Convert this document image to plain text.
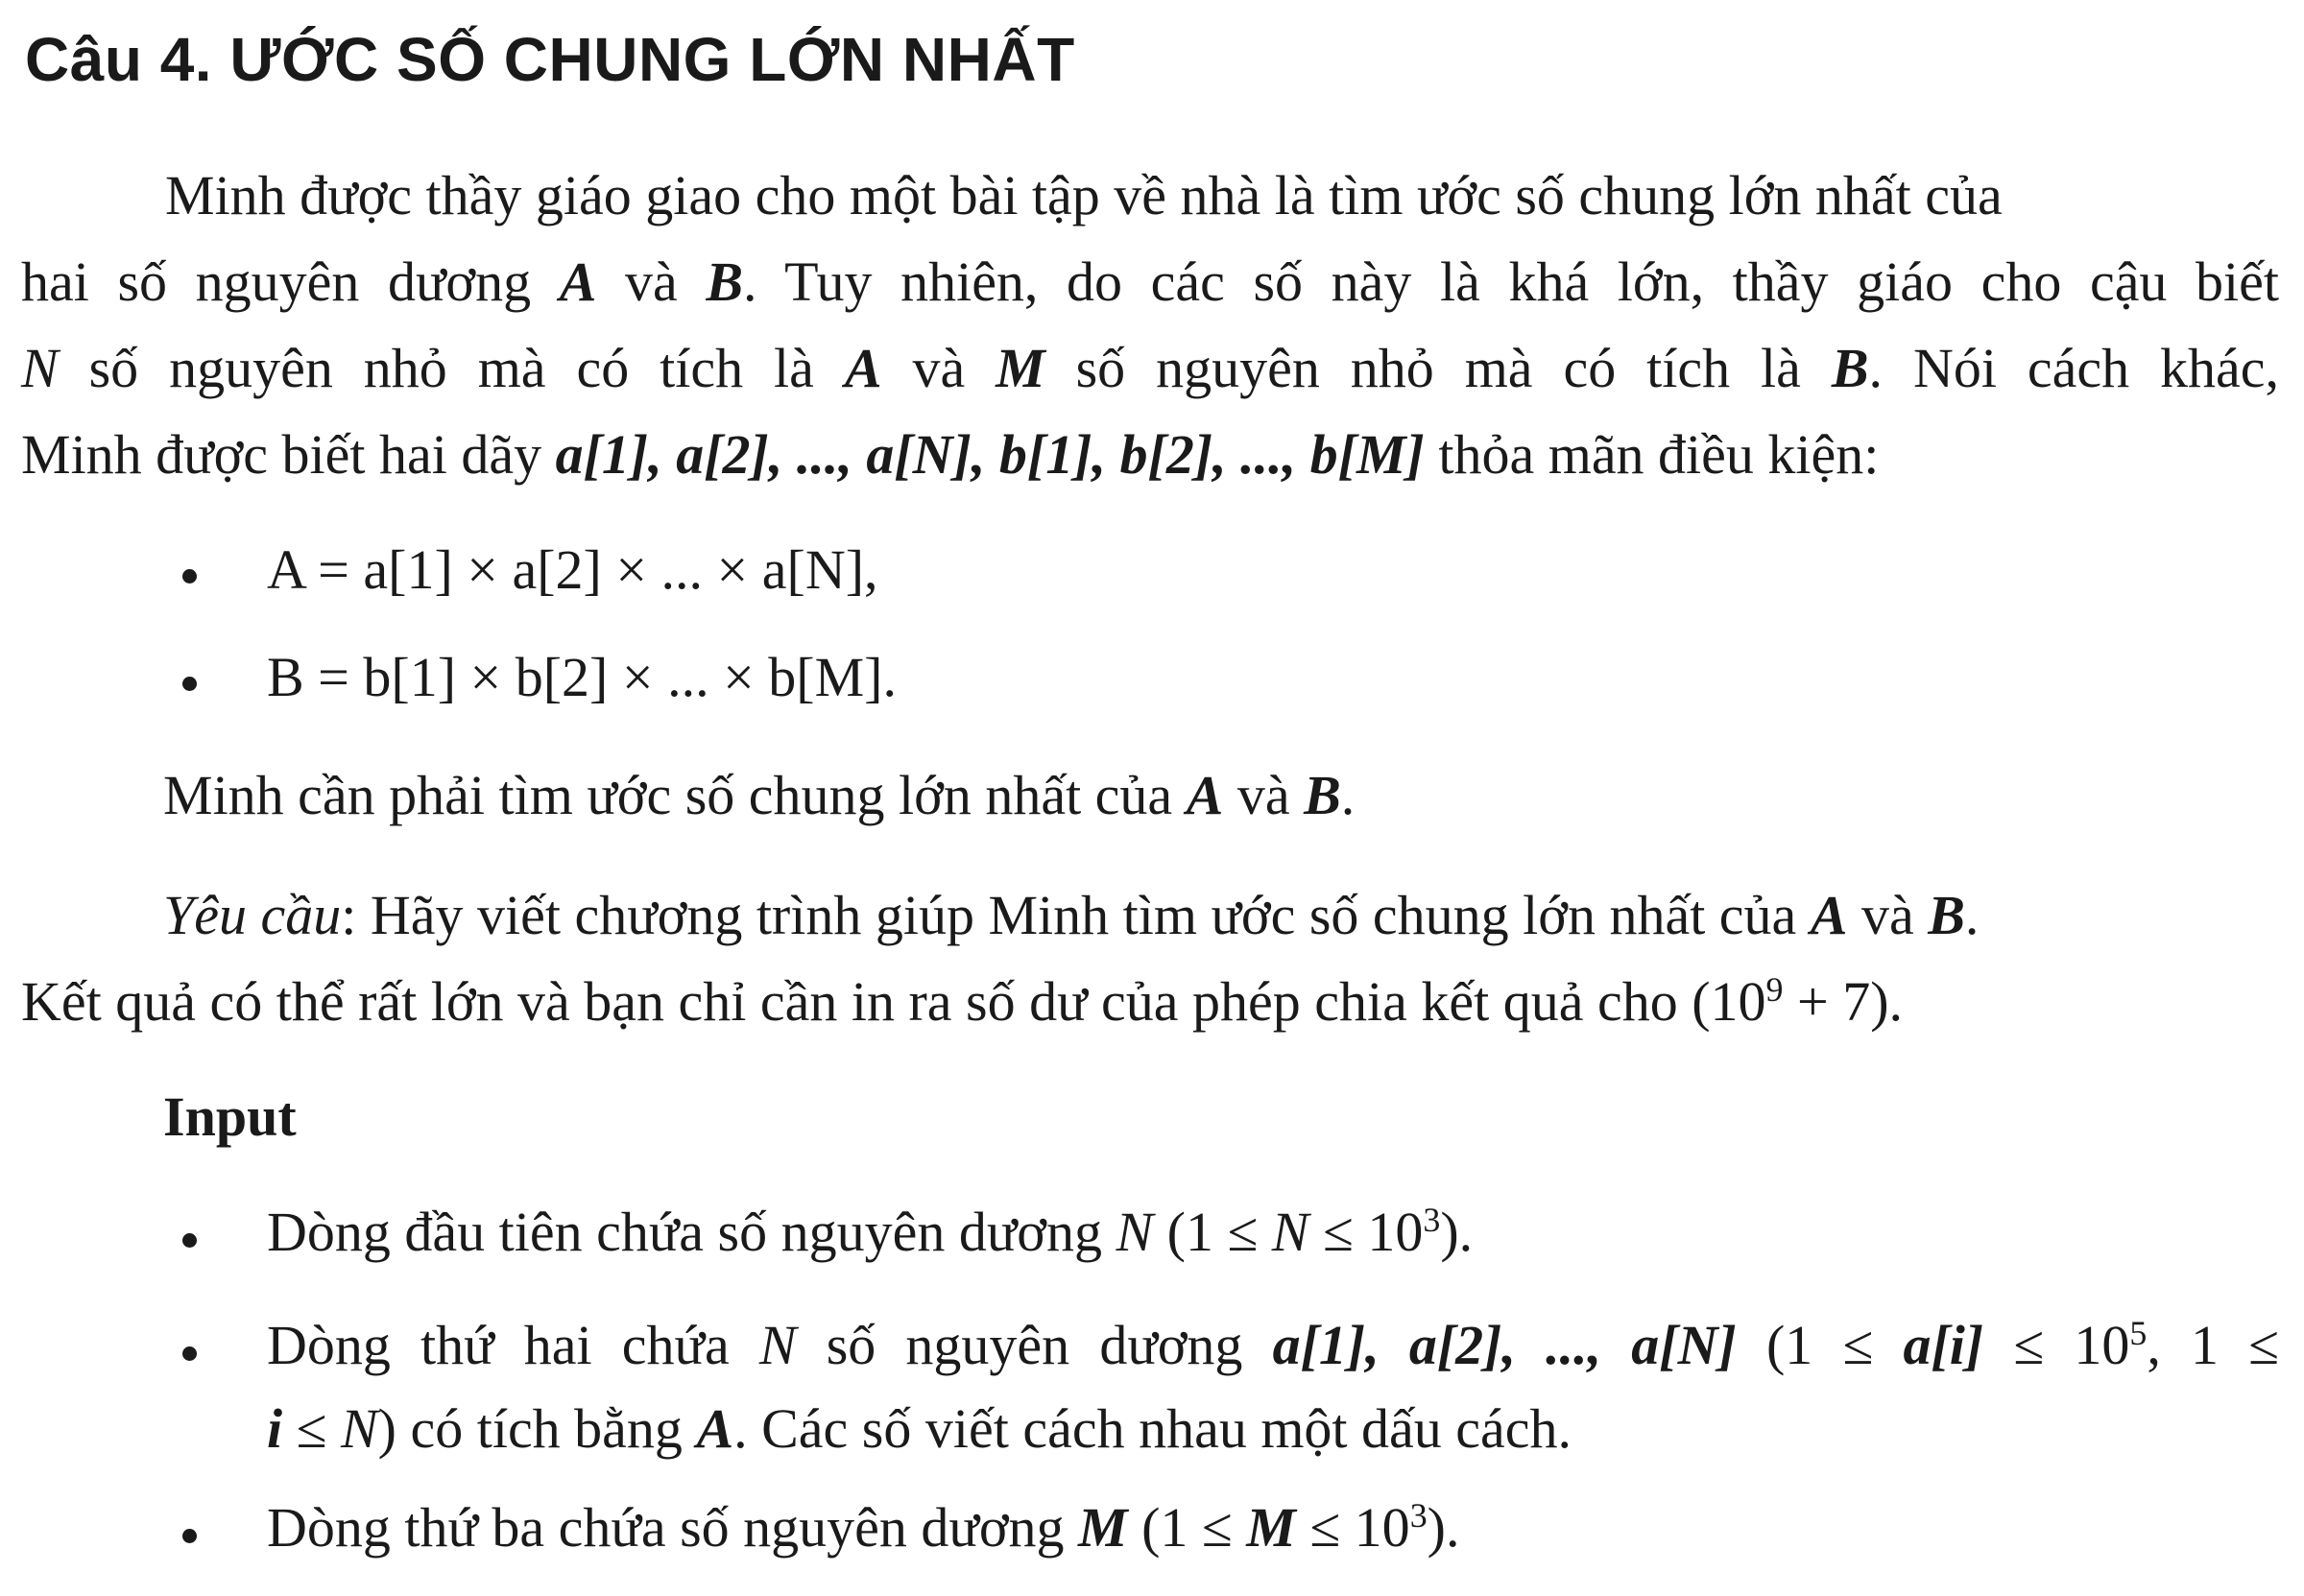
Câu 4. ƯỚC SỐ CHUNG LỚN NHẤT
Minh được thầy giáo giao cho một bài tập về nhà là tìm ước số chung lớn nhất của
hai số nguyên dương A và B. Tuy nhiên, do các số này là khá lớn, thầy giáo cho cậu biết
N số nguyên nhỏ mà có tích là A và M số nguyên nhỏ mà có tích là B. Nói cách khác,
Minh được biết hai dãy a[1], a[2], ..., a[N], b[1], b[2], ..., b[M] thỏa mãn điều kiện:
A = a[1] × a[2] × ... × a[N],
B = b[1] × b[2] × ... × b[M].
Minh cần phải tìm ước số chung lớn nhất của A và B.
Yêu cầu: Hãy viết chương trình giúp Minh tìm ước số chung lớn nhất của A và B.
Kết quả có thể rất lớn và bạn chỉ cần in ra số dư của phép chia kết quả cho $(10^9 + 7)$.
Input
Dòng đầu tiên chứa số nguyên dương N $(1 \le N \le 10^3)$.
Dòng thứ hai chứa N số nguyên dương a[1], a[2], ..., a[N] ($1 \le a[i] \le 10^5$, 1 ≤
i ≤ N) có tích bằng A. Các số viết cách nhau một dấu cách.
Dòng thứ ba chứa số nguyên dương M $(1 \le M \le 10^3)$.
